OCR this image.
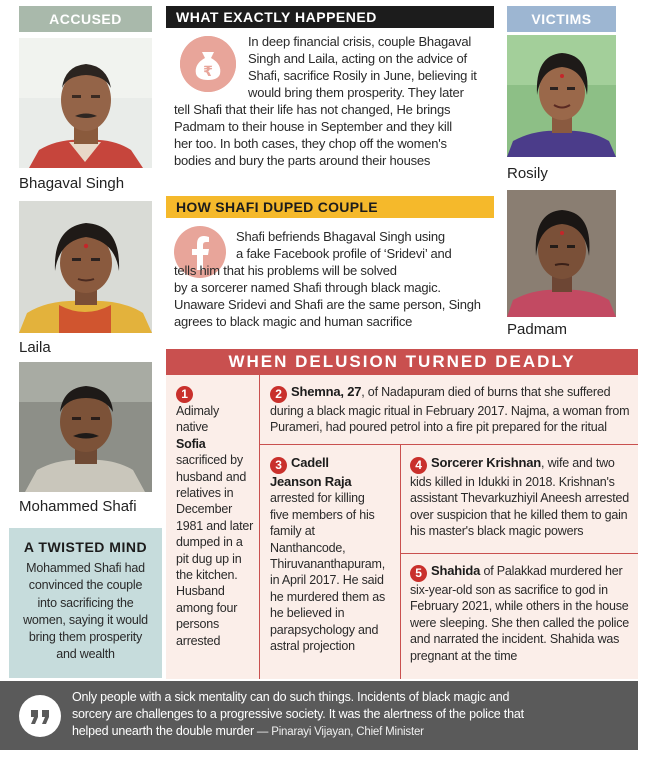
ACCUSED
Bhagaval Singh
Laila
Mohammed Shafi
A TWISTED MIND
Mohammed Shafi had
convinced the couple
into sacrificing the
women, saying it would
bring them prosperity
and wealth
WHAT EXACTLY HAPPENED
₹
In deep financial crisis, couple Bhagaval
Singh and Laila, acting on the advice of
Shafi, sacrifice Rosily in June, believing it
would bring them prosperity. They later
tell Shafi that their life has not changed, He brings
Padmam to their house in September and they kill
her too. In both cases, they chop off the women's
bodies and bury the parts around their houses
HOW SHAFI DUPED COUPLE
Shafi befriends Bhagaval Singh using
a fake Facebook profile of ‘Sridevi’ and
tells him that his problems will be solved
by a sorcerer named Shafi through black magic.
Unaware Sridevi and Shafi are the same person, Singh
agrees to black magic and human sacrifice
VICTIMS
Rosily
Padmam
WHEN DELUSION TURNED DEADLY
1
Adimaly
native
Sofia
sacrificed by
husband and
relatives in
December
1981 and later
dumped in a
pit dug up in
the kitchen.
Husband
among four
persons
arrested
2 Shemna, 27, of Nadapuram died of burns that she suffered
during a black magic ritual in February 2017. Najma, a woman from
Purameri, had poured petrol into a fire pit prepared for the ritual
3 Cadell
Jeanson Raja
arrested for killing
five members of his
family at
Nanthancode,
Thiruvananthapuram,
in April 2017. He said
he murdered them as
he believed in
parapsychology and
astral projection
4 Sorcerer Krishnan, wife and two
kids killed in Idukki in 2018. Krishnan's
assistant Thevarkuzhiyil Aneesh arrested
over suspicion that he killed them to gain
his master's black magic powers
5 Shahida of Palakkad murdered her
six-year-old son as sacrifice to god in
February 2021, while others in the house
were sleeping. She then called the police
and narrated the incident. Shahida was
pregnant at the time
Only people with a sick mentality can do such things. Incidents of black magic and
sorcery are challenges to a progressive society. It was the alertness of the police that
helped unearth the double murder — Pinarayi Vijayan, Chief Minister
